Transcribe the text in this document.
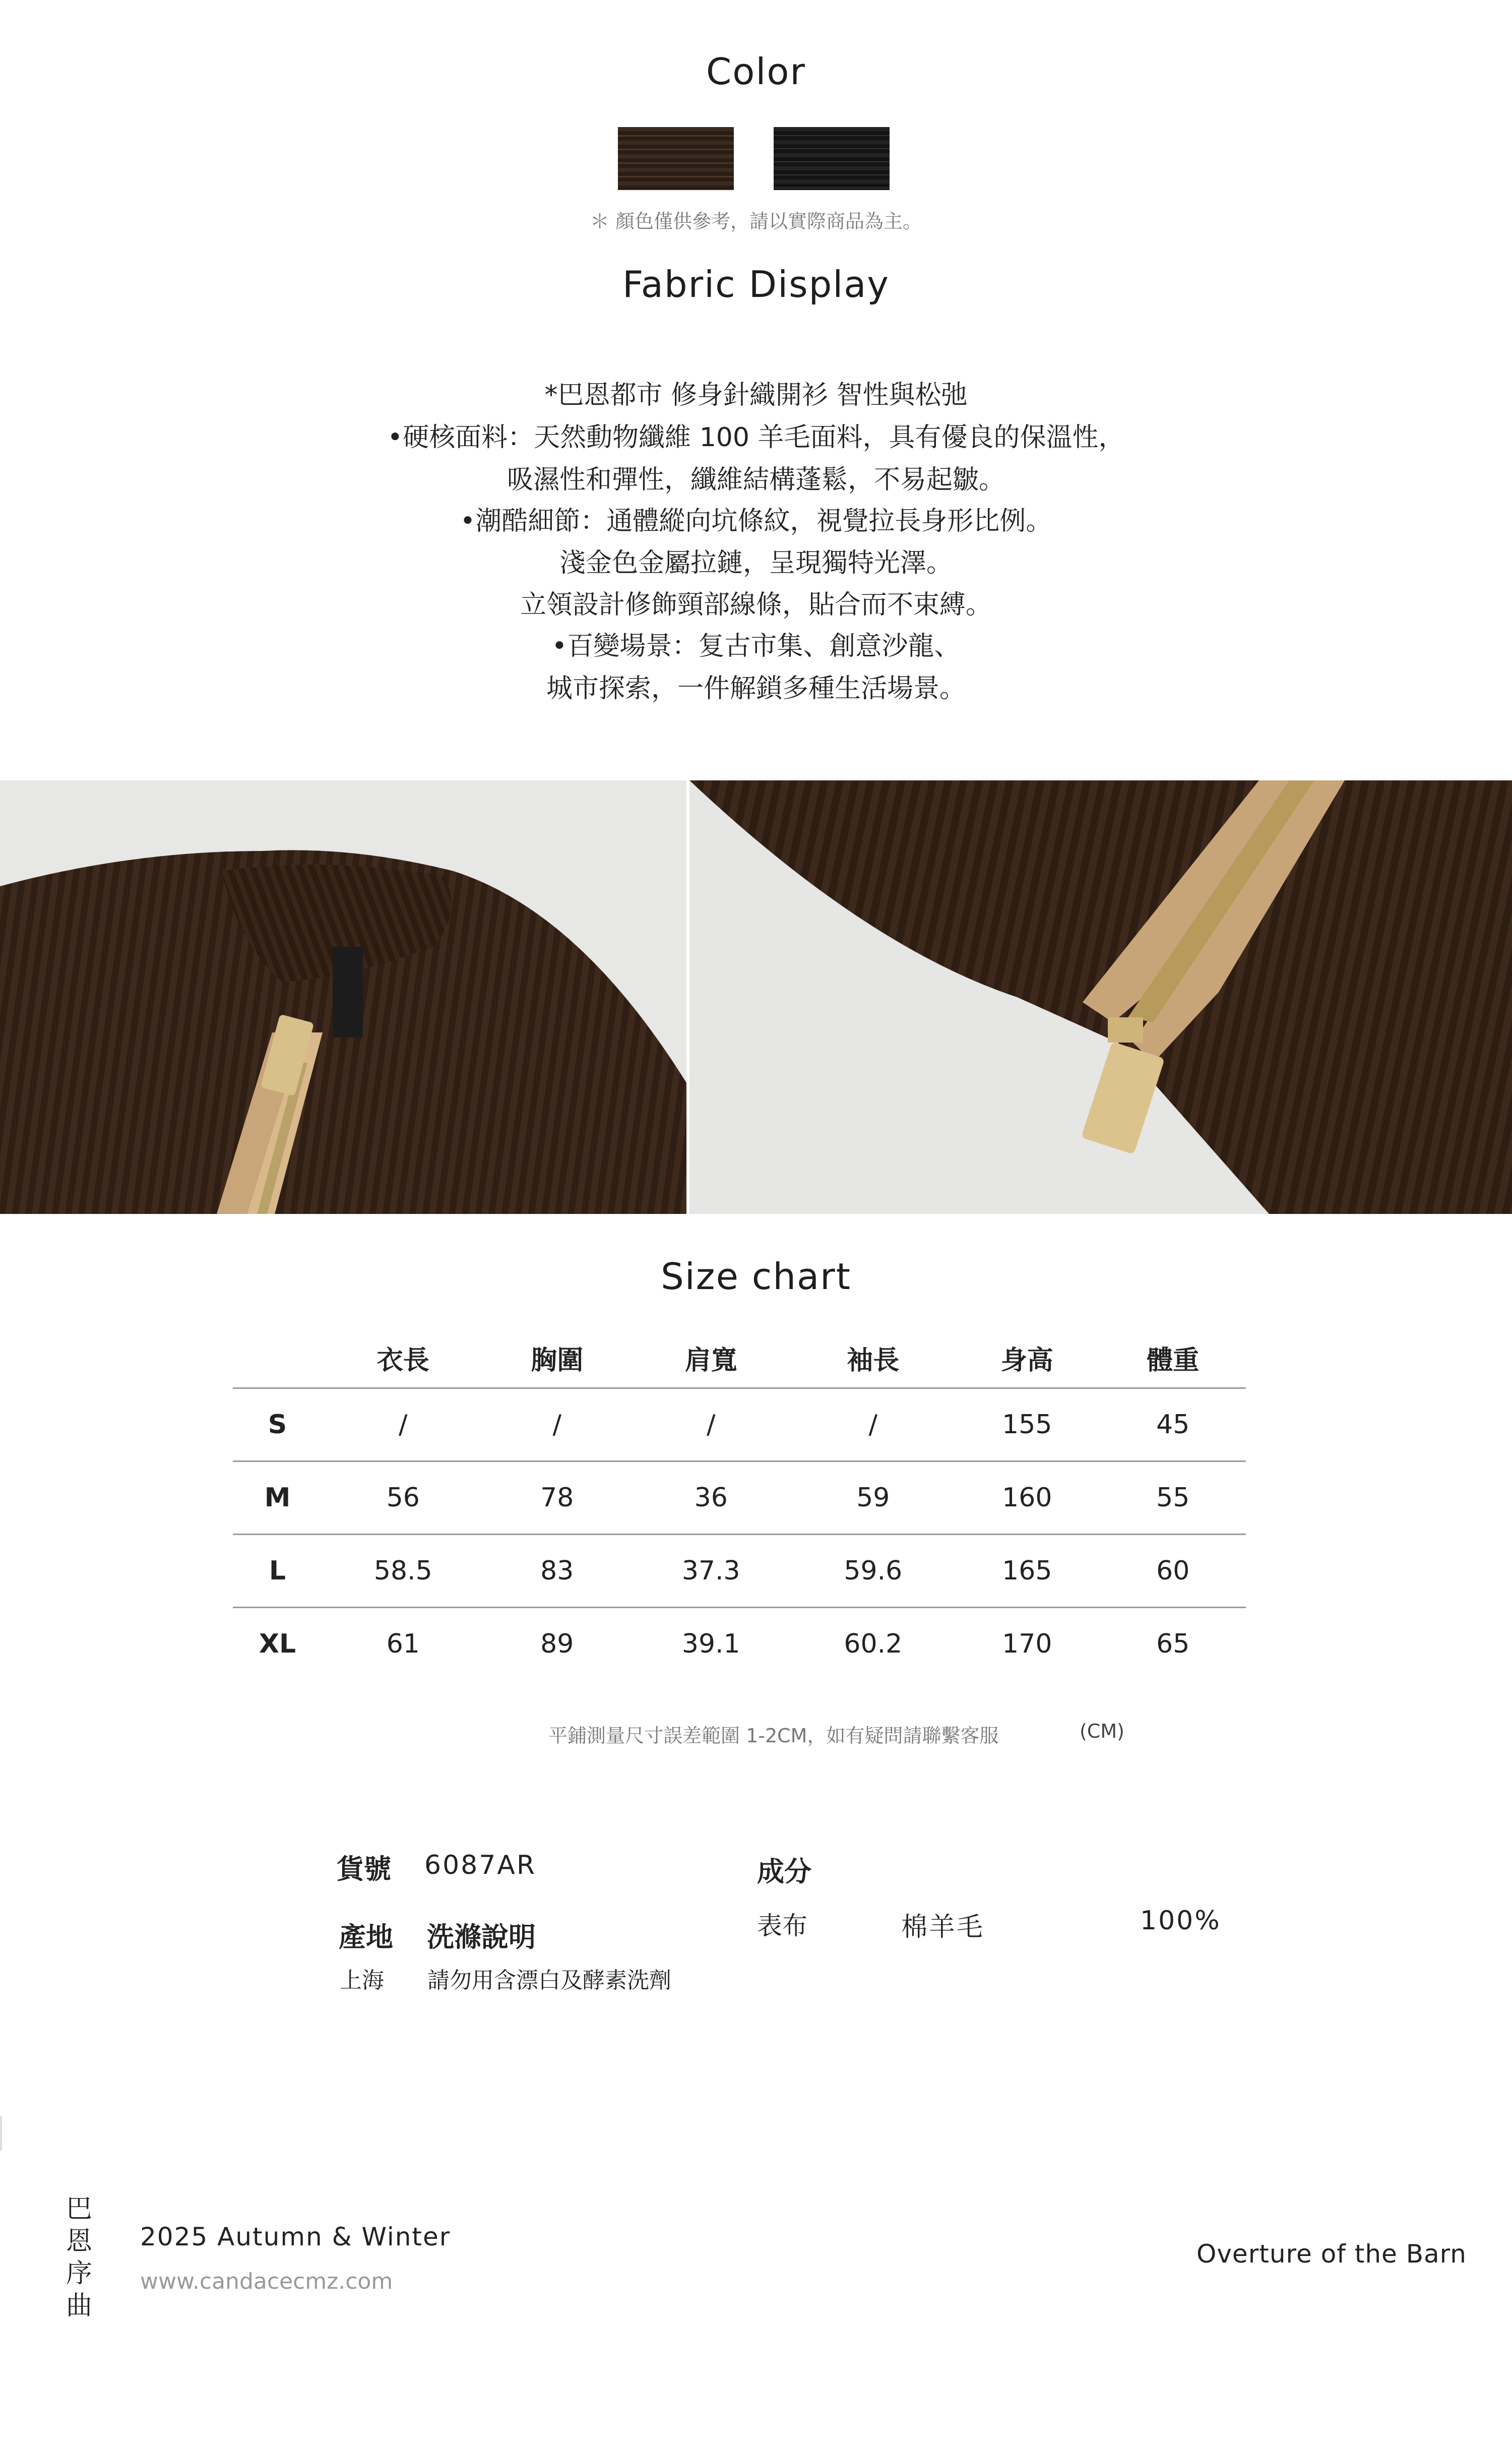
Color
＊ 顏色僅供參考，請以實際商品為主。
Fabric Display
*巴恩都市 修身針織開衫 智性與松弛
•硬核面料：天然動物纖維 100 羊毛面料，具有優良的保溫性，
吸濕性和彈性，纖維結構蓬鬆，不易起皺。
•潮酷細節：通體縱向坑條紋，視覺拉長身形比例。
淺金色金屬拉鏈，呈現獨特光澤。
立領設計修飾頸部線條，貼合而不束縛。
•百變場景：复古市集、創意沙龍、
城市探索，一件解鎖多種生活場景。
Size chart
	衣長	胸圍	肩寬	袖長	身高	體重
S	/	/	/	/	155	45
M	56	78	36	59	160	55
L	58.5	83	37.3	59.6	165	60
XL	61	89	39.1	60.2	170	65
平鋪測量尺寸誤差範圍 1-2CM，如有疑問請聯繫客服	(CM)
貨號 6087AR
產地 洗滌說明
上海 請勿用含漂白及酵素洗劑
成分
表布	棉羊毛	100%
巴
恩
序
曲
2025 Autumn & Winter
www.candacecmz.com
Overture of the Barn
